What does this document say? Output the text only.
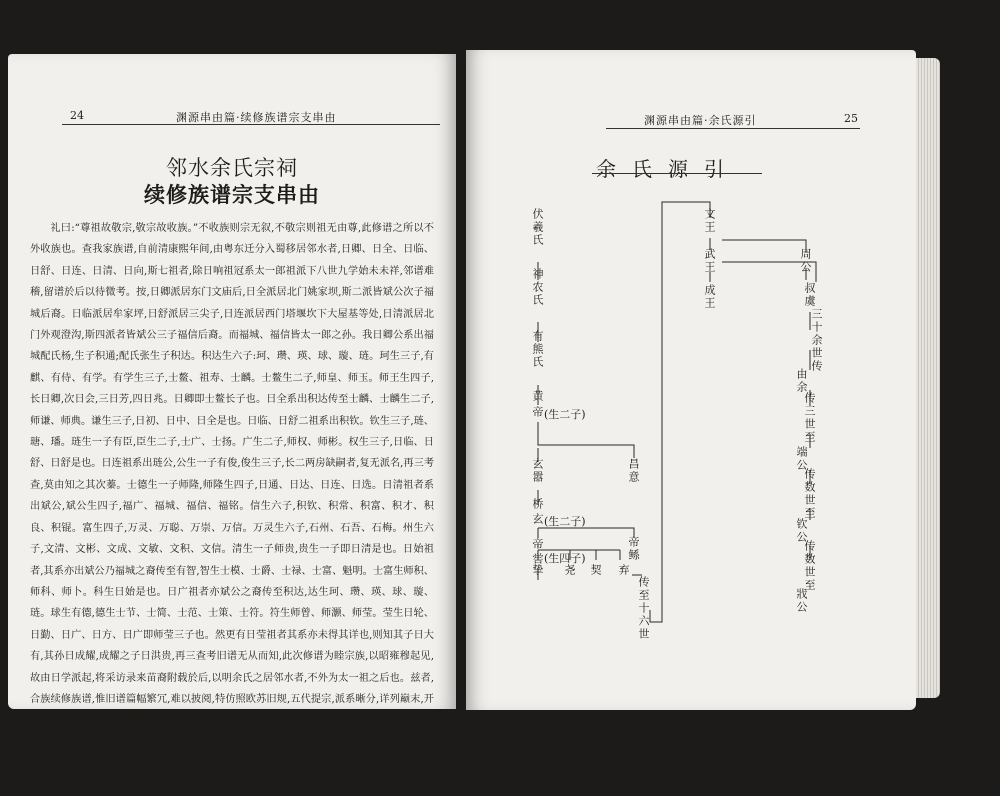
24	渊源串由篇·续修族谱宗支串由
邻水余氏宗祠
续修族谱宗支串由

礼曰:“尊祖故敬宗,敬宗故收族。”不收族则宗无叙,不敬宗则祖无由尊,此修谱之所以不外收族也。查我家族谱,自前清康熙年间,由粤东迁分入蜀移居邻水者,日卿、日全、日临、日舒、日连、日清、日向,斯七祖者,除日响祖冠系太一郎祖派下八世九学始未未祥,邻谱难稽,留谱於后以待微考。按,日卿派居东门文庙后,日全派居北门姚家坝,斯二派皆斌公次子福城后裔。日临派居牟家坪,日舒派居三尖子,日连派居西门塔堰坎下大屋基等处,日清派居北门外观澄沟,斯四派者皆斌公三子福信后裔。而福城、福信皆太一郎之孙。我日卿公系出福城配氏杨,生子积通;配氏张生子积达。积达生六子:珂、瓒、瑛、球、璇、琏。珂生三子,有麒、有侍、有学。有学生三子,士鳌、祖寿、士麟。士鳌生二子,师皇、师玉。师王生四子,长日卿,次日会,三日芳,四日兆。日卿即士鳌长子也。日全系出积达传至士麟、士麟生二子,师谦、师典。谦生三子,日初、日中、日全是也。日临、日舒二祖系出积钦。钦生三子,琏、瑭、璠。琏生一子有臣,臣生二子,士广、士扬。广生二子,师权、师彬。权生三子,日临、日舒、日舒是也。日连祖系出琏公,公生一子有俊,俊生三子,长二两房缺嗣者,复无派名,再三考查,莫由知之其次蓁。士德生一子师隆,师隆生四子,日通、日达、日连、日选。日清祖者系出斌公,斌公生四子,福广、福城、福信、福铭。信生六子,积钦、积常、积富、积才、积良、积锟。富生四子,万灵、万聪、万崇、万信。万灵生六子,石州、石吾、石梅。州生六子,文清、文彬、文成、文敏、文积、文信。清生一子师贵,贵生一子即日清是也。日始祖者,其系亦出斌公乃福城之裔传至有智,智生士模、士爵、士禄、士富、魁明。士富生师积、师科、师卜。科生日始是也。日广祖者亦斌公之裔传至积达,达生珂、瓒、瑛、球、璇、琏。球生有德,德生士节、士简、士范、士策、士符。符生师曾、师灏、师莹。莹生日轮、日勤、日广、日方、日广即师莹三子也。然更有日莹祖者其系亦未得其详也,则知其子日大有,其孙日成耀,成耀之子日洪贵,再三查考旧谱无从而知,此次修谱为睦宗族,以昭雍穆起见,故由日学派起,将采访录来苗裔附载於后,以明余氏之居邻水者,不外为太一祖之后也。兹者,合族续修族谱,惟旧谱篇幅繁冗,难以披阅,特仿照欧苏旧规,五代提宗,派系晰分,详列巅末,开览而知其源流,举目则识其统绪。俾吾族子子孙孙维先祖之贻谋,开万代之人伦,百世相传,万年不替。或登进仕途,或为农经商,遵行春祀秋尝,思图追板,宗功承先启后,夙夜铭心,斯不愧靖忠将相之苗裔,嵫由学史之后嗣,光荣父母,庆溢宗坊,吾等之厚望,抑亦修谱之意举也。是为序。

渊源串由篇·余氏源引	25
余氏源引
伏羲氏
神农氏
有熊氏
黄
帝 (生二子)
玄嚣	昌意
桥
玄 (生二子)
帝
喾 (生四子)	帝鲧
挚 尧 契 弃
传至十六世
文王
武王
成王
周公
叔虞
三十余世传
由余
传三世至
端公
传数世至
钦公
传数世至
戕公
